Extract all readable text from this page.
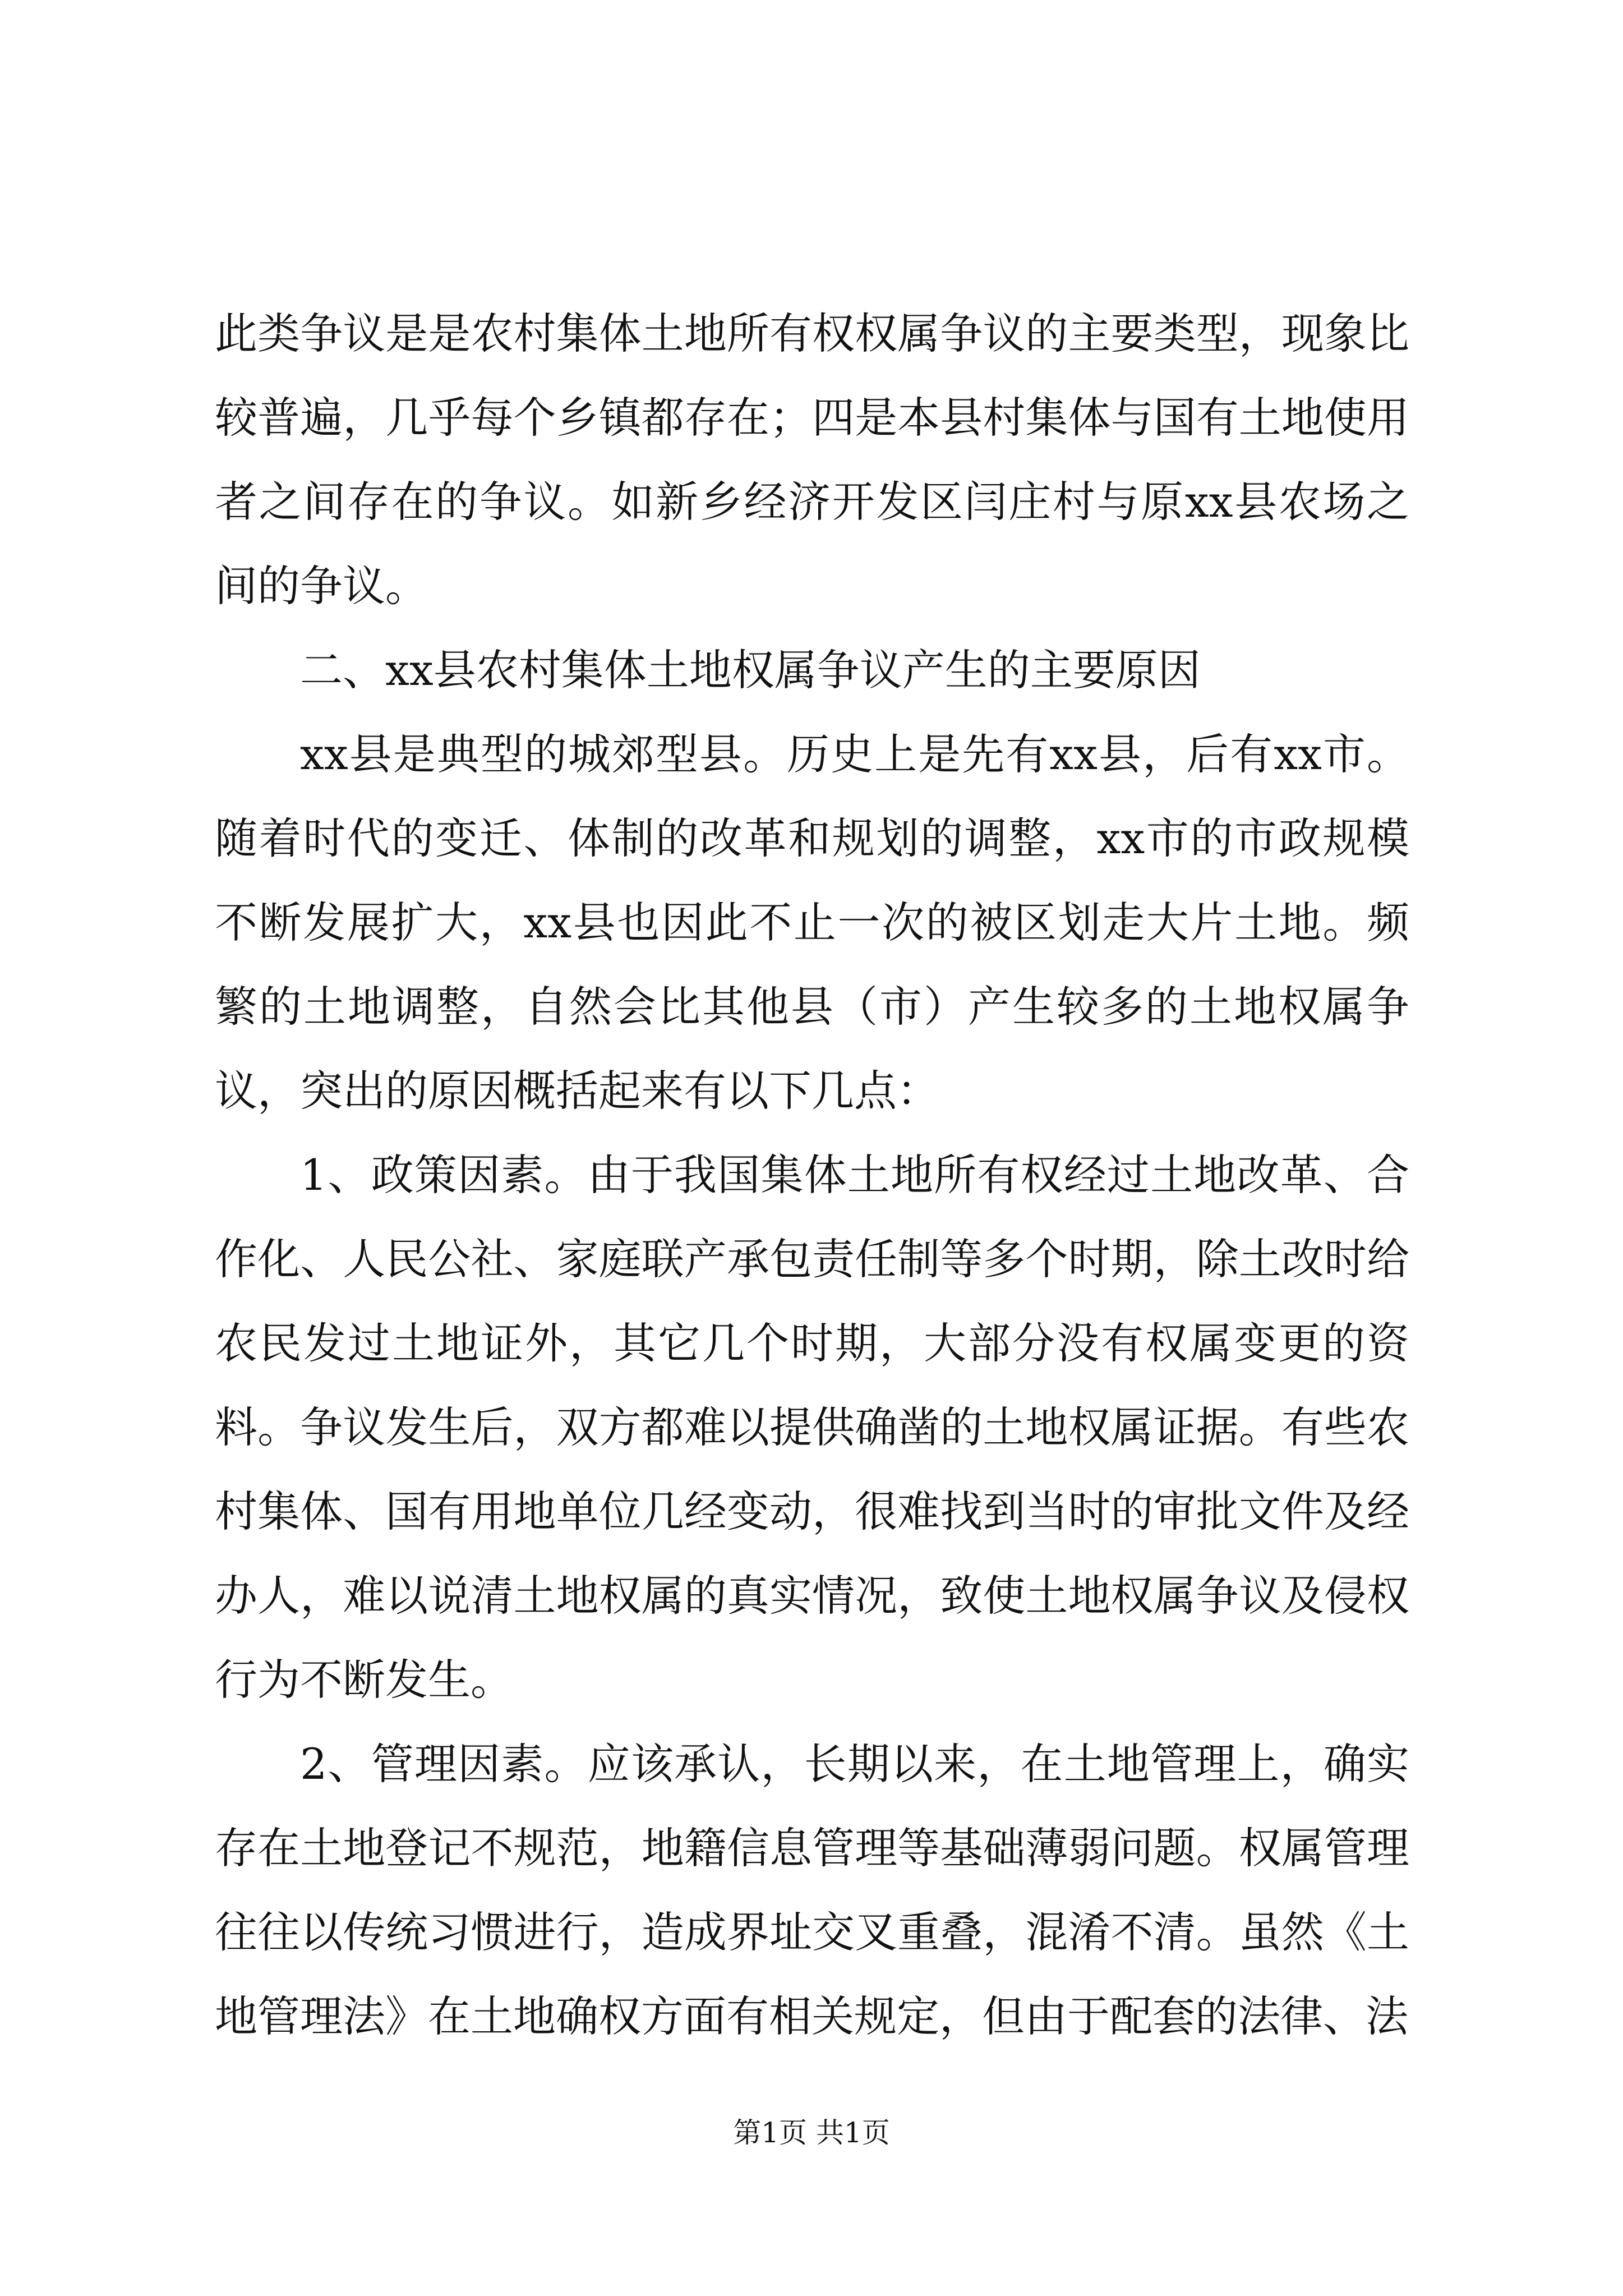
此类争议是是农村集体土地所有权权属争议的主要类型，现象比较普遍，几乎每个乡镇都存在；四是本县村集体与国有土地使用者之间存在的争议。如新乡经济开发区闫庄村与原xx县农场之间的争议。

二、xx县农村集体土地权属争议产生的主要原因

xx县是典型的城郊型县。历史上是先有xx县，后有xx市。随着时代的变迁、体制的改革和规划的调整，xx市的市政规模不断发展扩大，xx县也因此不止一次的被区划走大片土地。频繁的土地调整，自然会比其他县（市）产生较多的土地权属争议，突出的原因概括起来有以下几点：

1、政策因素。由于我国集体土地所有权经过土地改革、合作化、人民公社、家庭联产承包责任制等多个时期，除土改时给农民发过土地证外，其它几个时期，大部分没有权属变更的资料。争议发生后，双方都难以提供确凿的土地权属证据。有些农村集体、国有用地单位几经变动，很难找到当时的审批文件及经办人，难以说清土地权属的真实情况，致使土地权属争议及侵权行为不断发生。

2、管理因素。应该承认，长期以来，在土地管理上，确实存在土地登记不规范，地籍信息管理等基础薄弱问题。权属管理往往以传统习惯进行，造成界址交叉重叠，混淆不清。虽然《土地管理法》在土地确权方面有相关规定，但由于配套的法律、法

第1页 共1页
